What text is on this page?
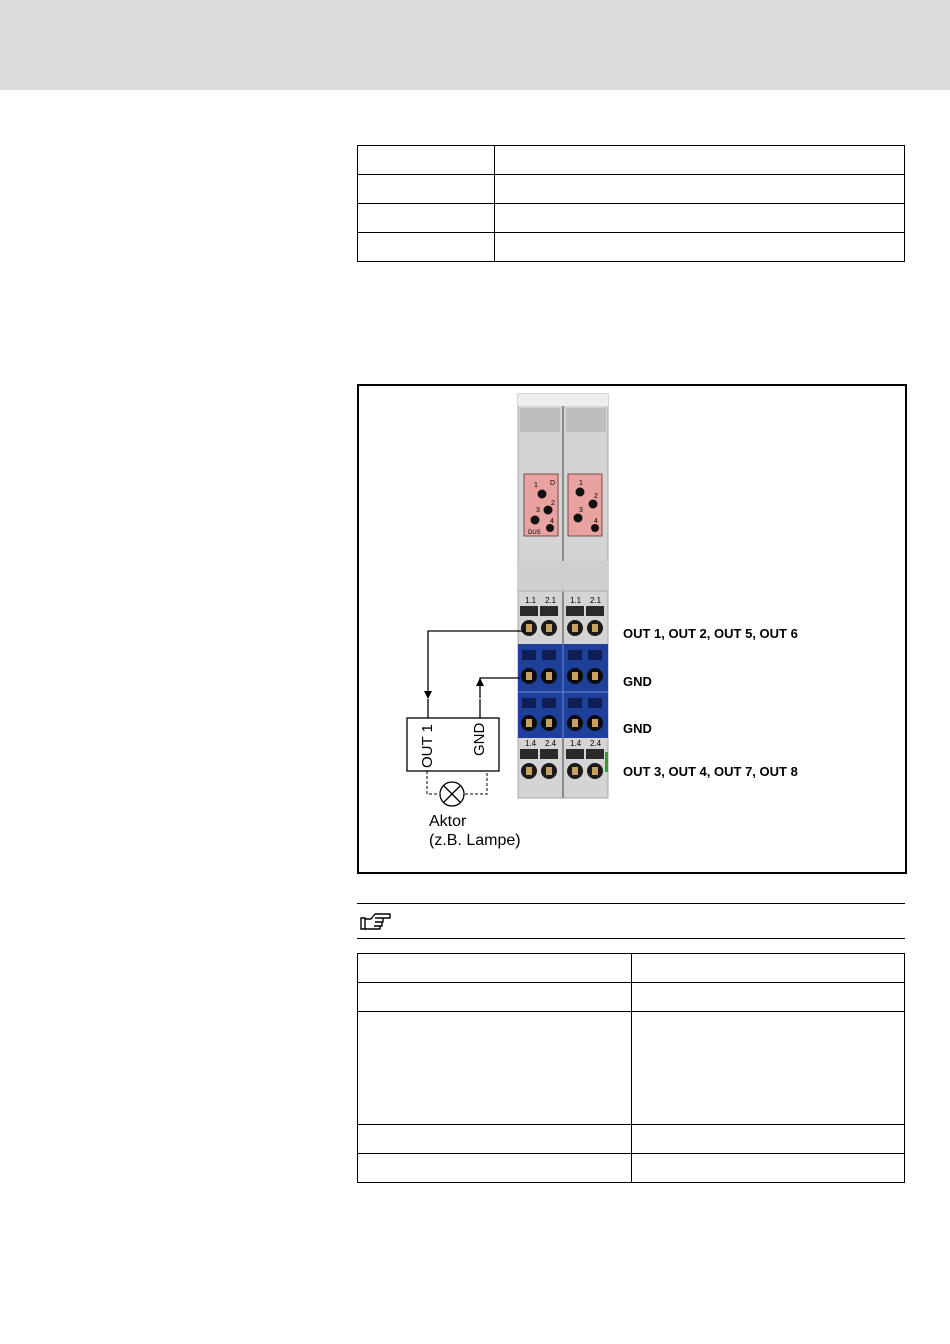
1 D
2
3
4
DUS
1
2
3
4
1.1 2.1 1.1 2.1
1.4 2.4 1.4 2.4
OUT 1 GND
Aktor
(z.B. Lampe)
OUT 1, OUT 2, OUT 5, OUT 6
GND
GND
OUT 3, OUT 4, OUT 7, OUT 8
